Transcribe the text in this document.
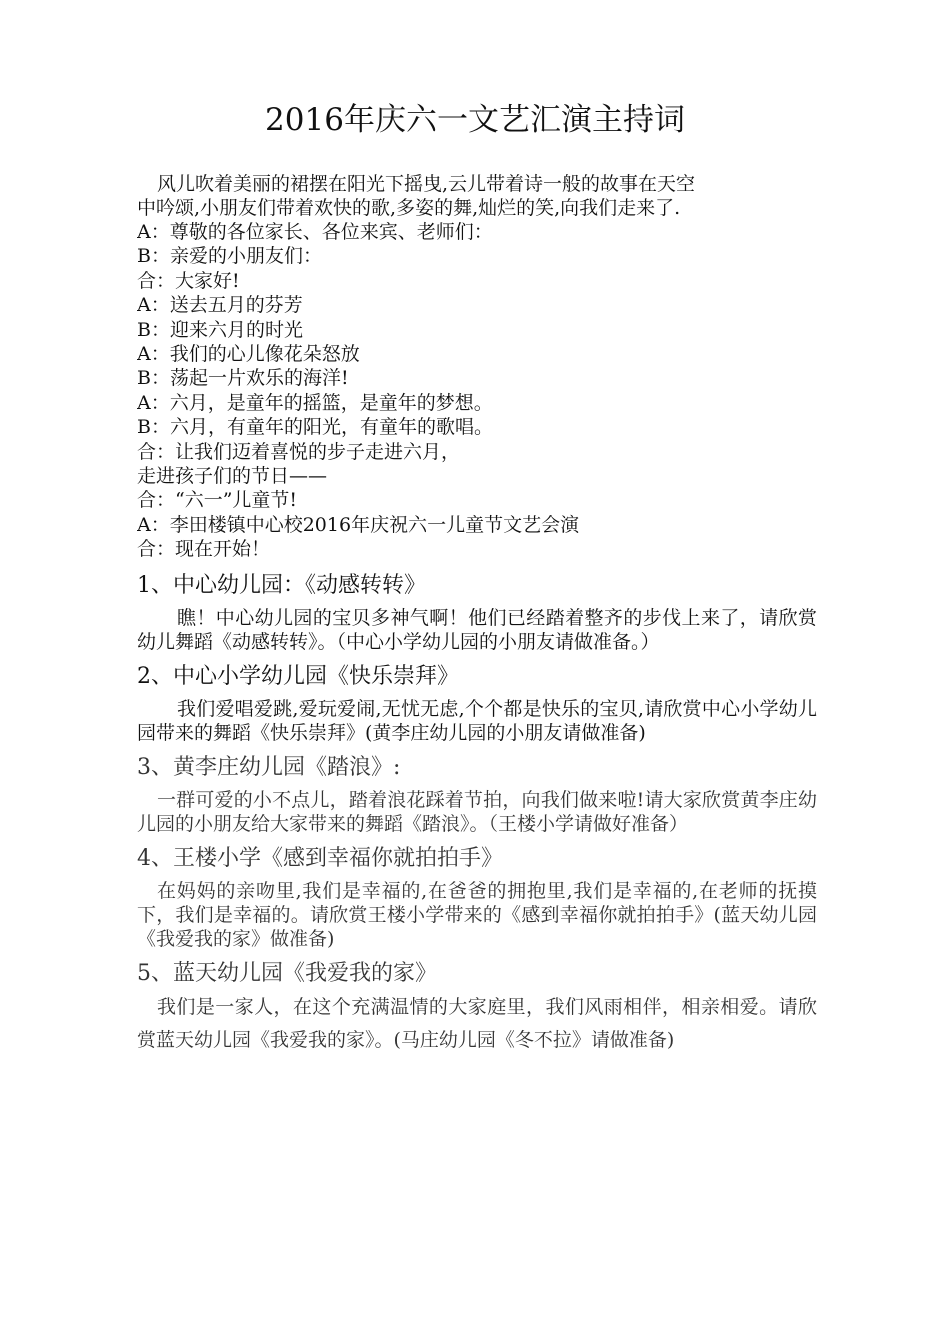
2016年庆六一文艺汇演主持词
风儿吹着美丽的裙摆在阳光下摇曳,云儿带着诗一般的故事在天空
中吟颂,小朋友们带着欢快的歌,多姿的舞,灿烂的笑,向我们走来了.
A：尊敬的各位家长、各位来宾、老师们：
B：亲爱的小朋友们：
合：大家好!
A：送去五月的芬芳
B：迎来六月的时光
A：我们的心儿像花朵怒放
B：荡起一片欢乐的海洋!
A：六月，是童年的摇篮，是童年的梦想。
B：六月，有童年的阳光，有童年的歌唱。
合：让我们迈着喜悦的步子走进六月，
走进孩子们的节日——
合：“六一”儿童节!
A：李田楼镇中心校2016年庆祝六一儿童节文艺会演
合：现在开始！
1、中心幼儿园：《动感转转》
瞧！中心幼儿园的宝贝多神气啊！他们已经踏着整齐的步伐上来了，请欣赏幼儿舞蹈《动感转转》。（中心小学幼儿园的小朋友请做准备。）
2、中心小学幼儿园《快乐崇拜》
我们爱唱爱跳,爱玩爱闹,无忧无虑,个个都是快乐的宝贝,请欣赏中心小学幼儿园带来的舞蹈《快乐崇拜》(黄李庄幼儿园的小朋友请做准备)
3、黄李庄幼儿园《踏浪》:
一群可爱的小不点儿，踏着浪花踩着节拍，向我们做来啦!请大家欣赏黄李庄幼儿园的小朋友给大家带来的舞蹈《踏浪》。（王楼小学请做好准备）
4、王楼小学《感到幸福你就拍拍手》
在妈妈的亲吻里,我们是幸福的,在爸爸的拥抱里,我们是幸福的,在老师的抚摸下，我们是幸福的。请欣赏王楼小学带来的《感到幸福你就拍拍手》(蓝天幼儿园《我爱我的家》做准备)
5、蓝天幼儿园《我爱我的家》
我们是一家人，在这个充满温情的大家庭里，我们风雨相伴，相亲相爱。请欣赏蓝天幼儿园《我爱我的家》。(马庄幼儿园《冬不拉》请做准备)
